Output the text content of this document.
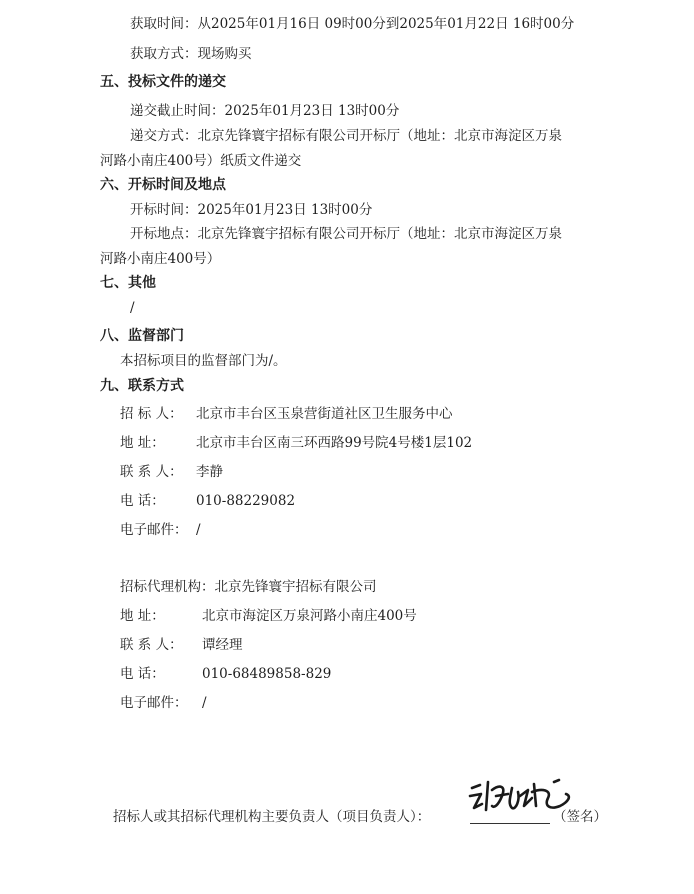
获取时间：从2025年01月16日 09时00分到2025年01月22日 16时00分
获取方式：现场购买
五、投标文件的递交
递交截止时间：2025年01月23日 13时00分
递交方式：北京先锋寰宇招标有限公司开标厅（地址：北京市海淀区万泉
河路小南庄400号）纸质文件递交
六、开标时间及地点
开标时间：2025年01月23日 13时00分
开标地点：北京先锋寰宇招标有限公司开标厅（地址：北京市海淀区万泉
河路小南庄400号）
七、其他
/
八、监督部门
本招标项目的监督部门为/。
九、联系方式
招 标 人： 北京市丰台区玉泉营街道社区卫生服务中心
地 址： 北京市丰台区南三环西路99号院4号楼1层102
联 系 人： 李静
电 话： 010-88229082
电子邮件： /
招标代理机构：北京先锋寰宇招标有限公司
地 址：	北京市海淀区万泉河路小南庄400号
联 系 人： 谭经理
电 话：	010-68489858-829
电子邮件： /
招标人或其招标代理机构主要负责人（项目负责人）：	（签名）
